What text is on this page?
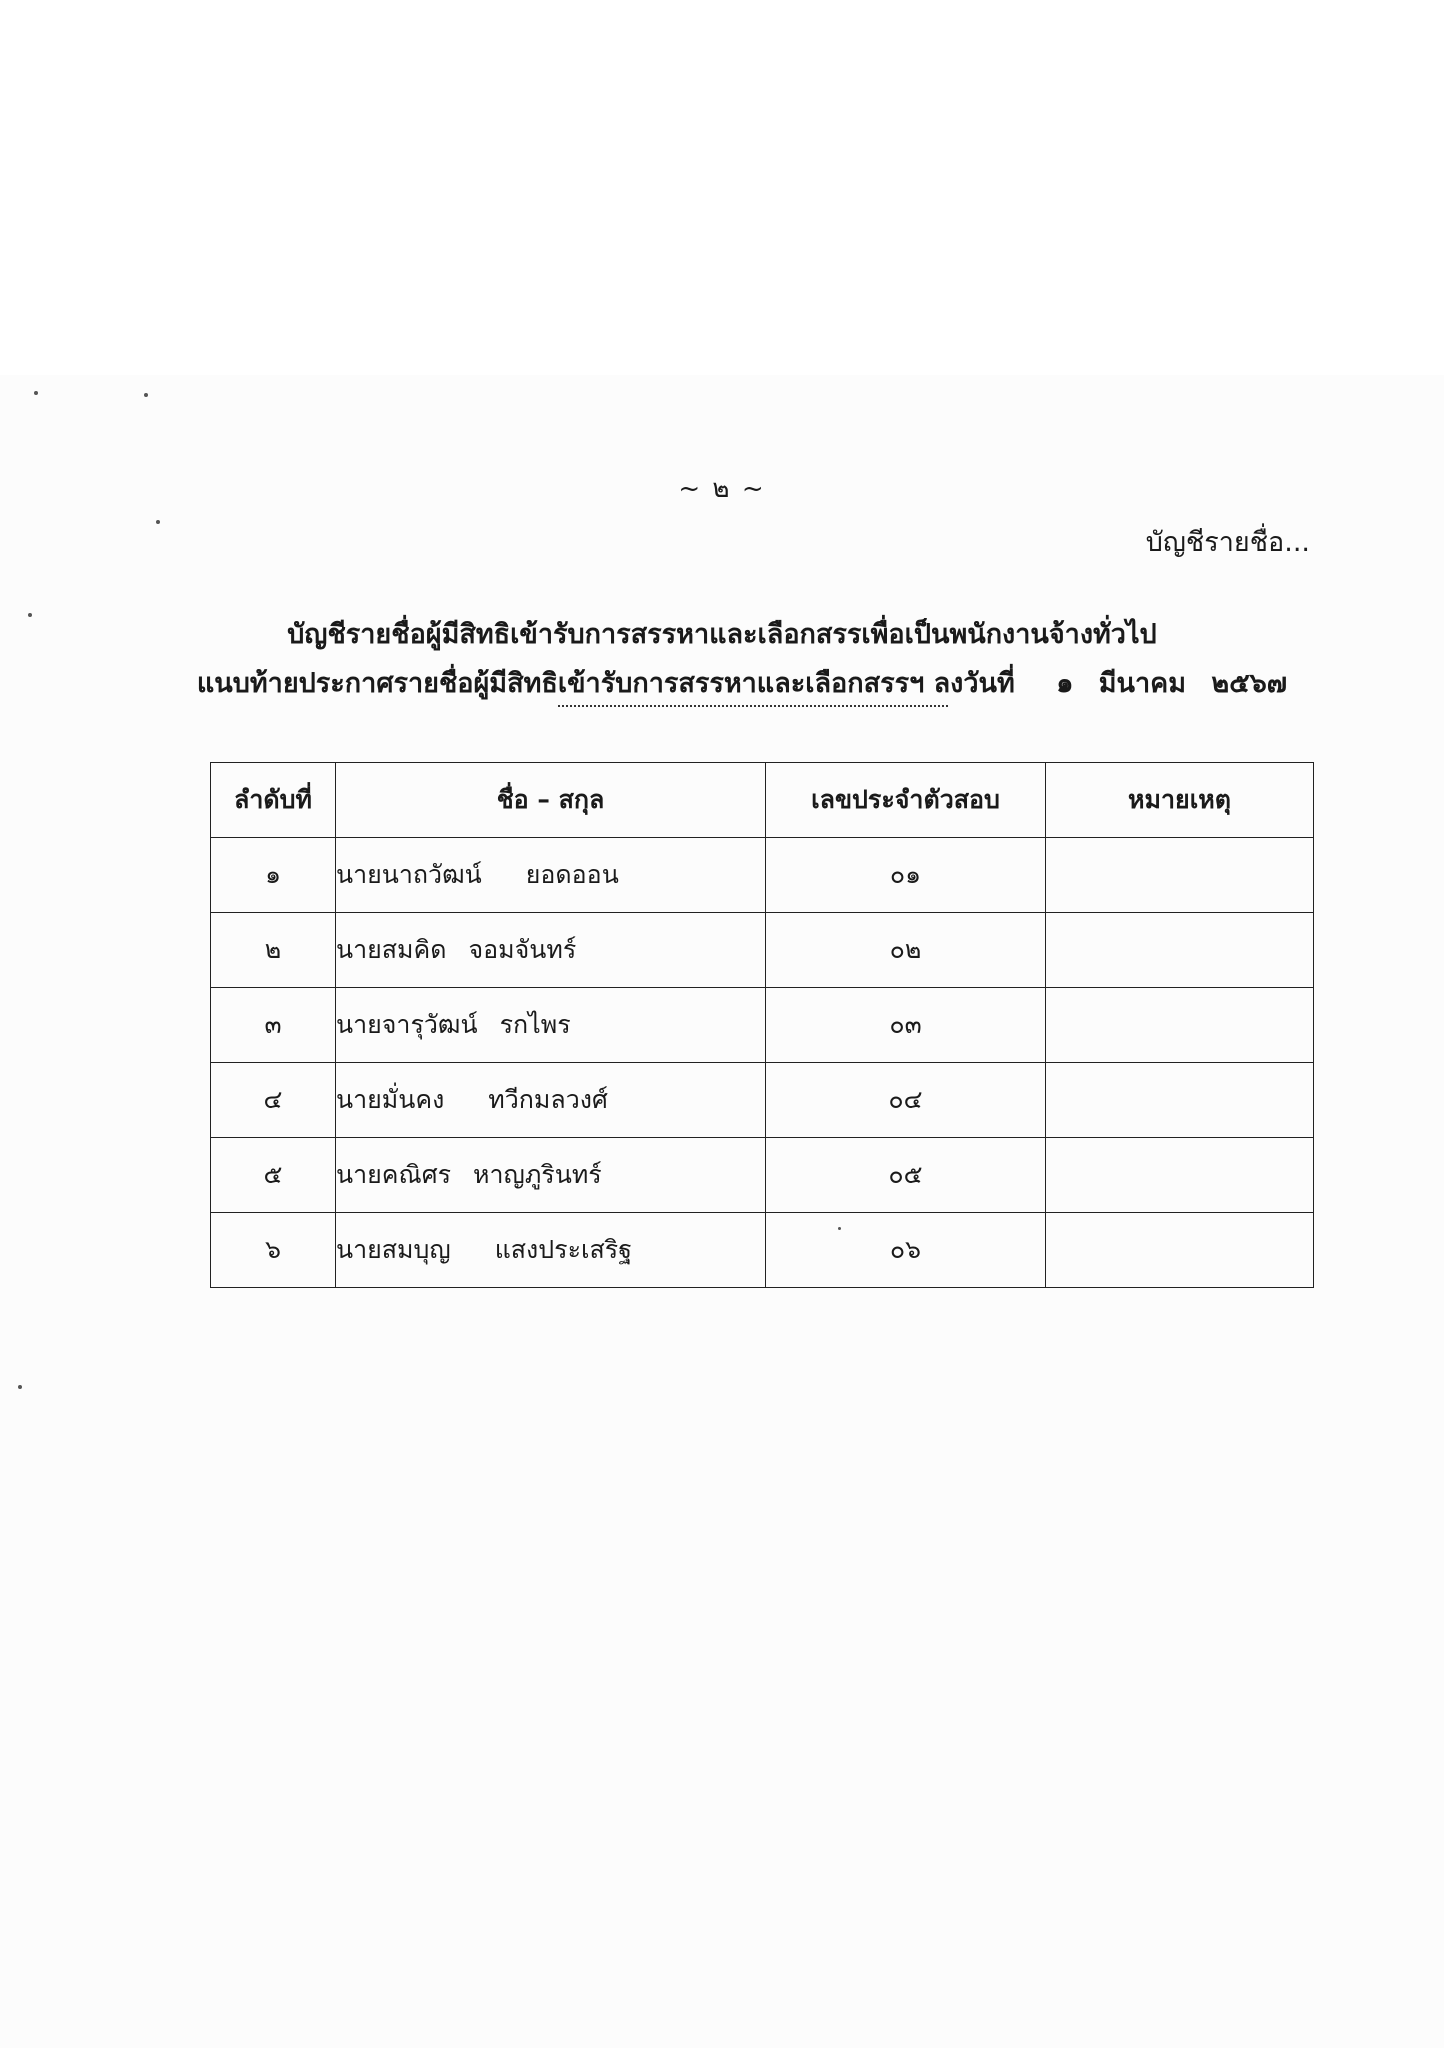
~ ๒ ~
บัญชีรายชื่อ...
บัญชีรายชื่อผู้มีสิทธิเข้ารับการสรรหาและเลือกสรรเพื่อเป็นพนักงานจ้างทั่วไป
แนบท้ายประกาศรายชื่อผู้มีสิทธิเข้ารับการสรรหาและเลือกสรรฯ ลงวันที่ ๑ มีนาคม ๒๕๖๗
ลำดับที่	ชื่อ – สกุล	เลขประจำตัวสอบ	หมายเหตุ
๑	นายนาถวัฒน์ ยอดออน	๐๑	
๒	นายสมคิด จอมจันทร์	๐๒	
๓	นายจารุวัฒน์ รกไพร	๐๓	
๔	นายมั่นคง ทวีกมลวงศ์	๐๔	
๕	นายคณิศร หาญภูรินทร์	๐๕	
๖	นายสมบุญ แสงประเสริฐ	๐๖	
